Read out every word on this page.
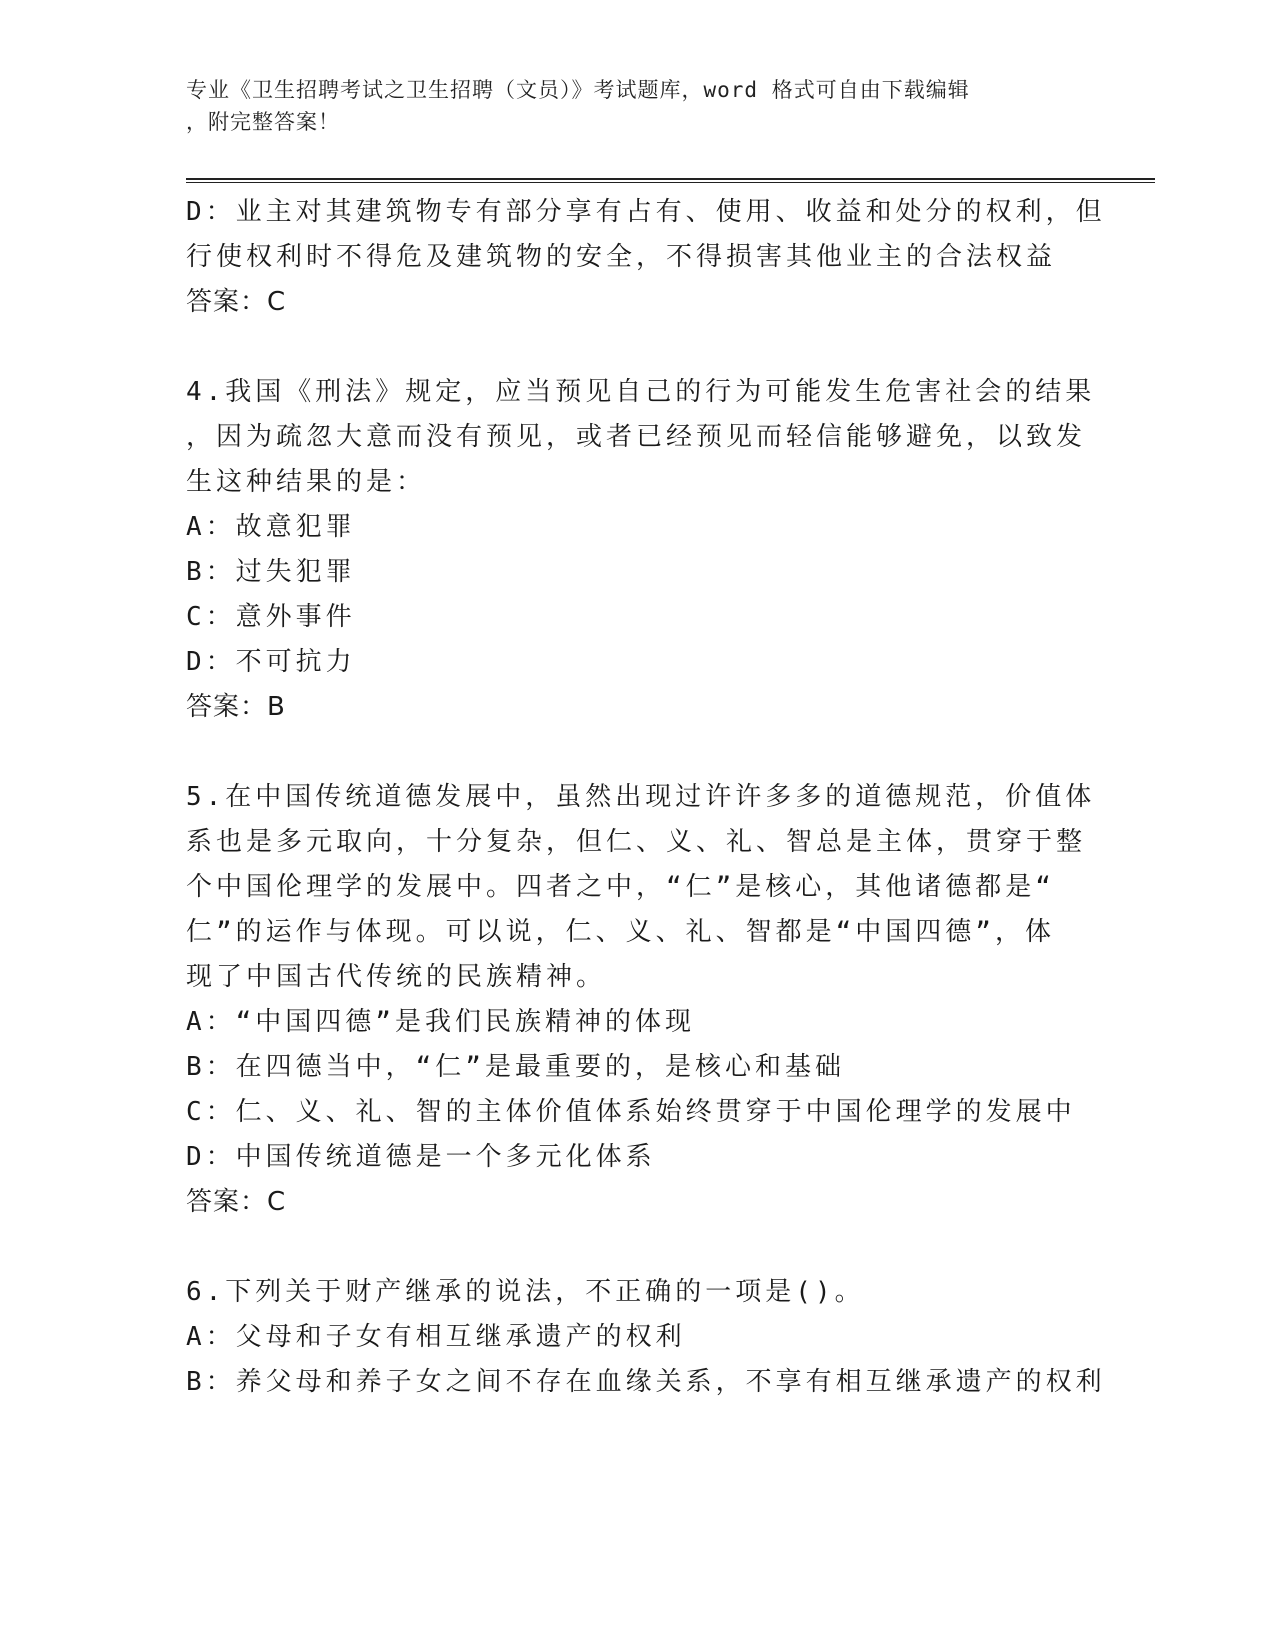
专业《卫生招聘考试之卫生招聘（文员）》考试题库，word 格式可自由下载编辑
，附完整答案！
D：业主对其建筑物专有部分享有占有、使用、收益和处分的权利，但
行使权利时不得危及建筑物的安全，不得损害其他业主的合法权益
答案：C
4.我国《刑法》规定，应当预见自己的行为可能发生危害社会的结果
，因为疏忽大意而没有预见，或者已经预见而轻信能够避免，以致发
生这种结果的是：
A：故意犯罪
B：过失犯罪
C：意外事件
D：不可抗力
答案：B
5.在中国传统道德发展中，虽然出现过许许多多的道德规范，价值体
系也是多元取向，十分复杂，但仁、义、礼、智总是主体，贯穿于整
个中国伦理学的发展中。四者之中，“仁”是核心，其他诸德都是“
仁”的运作与体现。可以说，仁、义、礼、智都是“中国四德”，体
现了中国古代传统的民族精神。
A：“中国四德”是我们民族精神的体现
B：在四德当中，“仁”是最重要的，是核心和基础
C：仁、义、礼、智的主体价值体系始终贯穿于中国伦理学的发展中
D：中国传统道德是一个多元化体系
答案：C
6.下列关于财产继承的说法，不正确的一项是()。
A：父母和子女有相互继承遗产的权利
B：养父母和养子女之间不存在血缘关系，不享有相互继承遗产的权利
